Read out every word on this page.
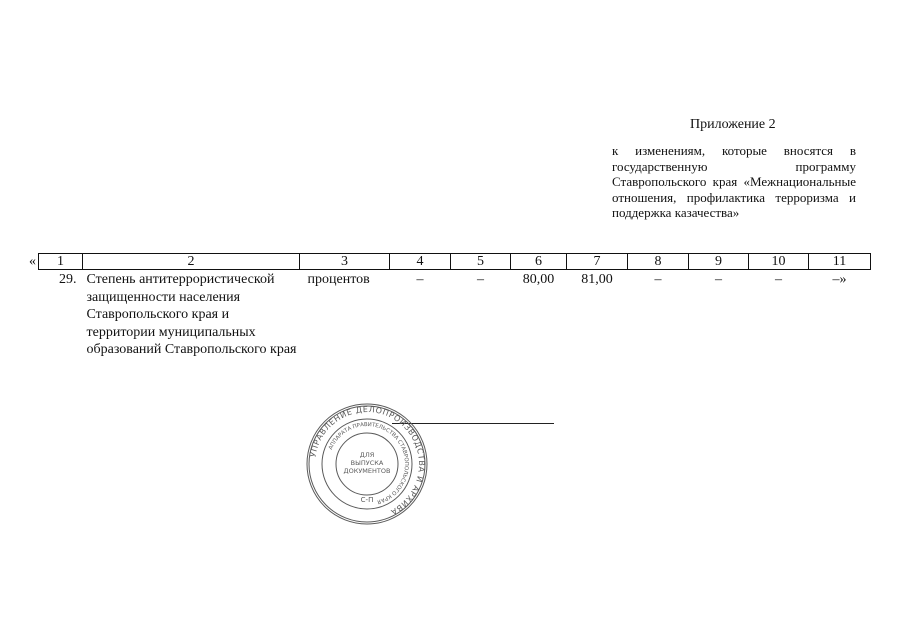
Приложение 2
к изменениям, которые вносятся в государственную программу Ставропольского края «Межнациональные отношения, профилактика терроризма и поддержка казачества»
« 1	2	3	4	5	6	7	8	9	10	11
29.	Степень антитеррористической защищенности населения Ставропольского края и территории муниципальных образований Ставропольского края	процентов	–	–	80,00	81,00	–	–	–	–»
УПРАВЛЕНИЕ ДЕЛОПРОИЗВОДСТВА И АРХИВА
АППАРАТА ПРАВИТЕЛЬСТВА СТАВРОПОЛЬСКОГО КРАЯ
ДЛЯ
ВЫПУСКА
ДОКУМЕНТОВ
С-П
